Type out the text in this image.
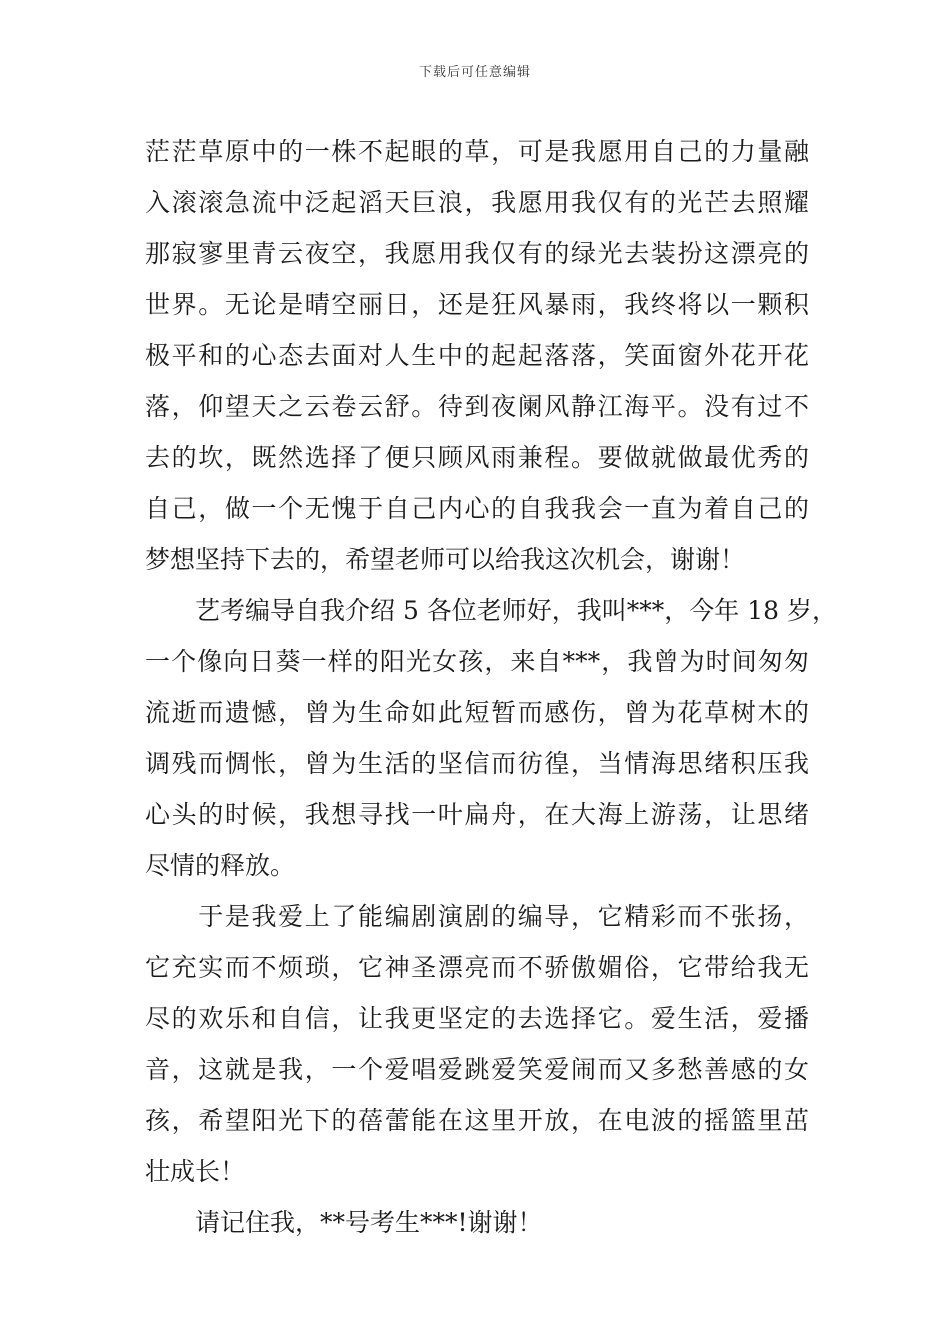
下载后可任意编辑
茫茫草原中的一株不起眼的草，可是我愿用自己的力量融
入滚滚急流中泛起滔天巨浪，我愿用我仅有的光芒去照耀
那寂寥里青云夜空，我愿用我仅有的绿光去装扮这漂亮的
世界。无论是晴空丽日，还是狂风暴雨，我终将以一颗积
极平和的心态去面对人生中的起起落落，笑面窗外花开花
落，仰望天之云卷云舒。待到夜阑风静江海平。没有过不
去的坎，既然选择了便只顾风雨兼程。要做就做最优秀的
自己，做一个无愧于自己内心的自我我会一直为着自己的
梦想坚持下去的，希望老师可以给我这次机会，谢谢！
　　艺考编导自我介绍 5 各位老师好，我叫***，今年 18 岁，
一个像向日葵一样的阳光女孩，来自***，我曾为时间匆匆
流逝而遗憾，曾为生命如此短暂而感伤，曾为花草树木的
调残而惆怅，曾为生活的坚信而彷徨，当情海思绪积压我
心头的时候，我想寻找一叶扁舟，在大海上游荡，让思绪
尽情的释放。
　　于是我爱上了能编剧演剧的编导，它精彩而不张扬，
它充实而不烦琐，它神圣漂亮而不骄傲媚俗，它带给我无
尽的欢乐和自信，让我更坚定的去选择它。爱生活，爱播
音，这就是我，一个爱唱爱跳爱笑爱闹而又多愁善感的女
孩，希望阳光下的蓓蕾能在这里开放，在电波的摇篮里茁
壮成长！
　　请记住我，**号考生***!谢谢！
